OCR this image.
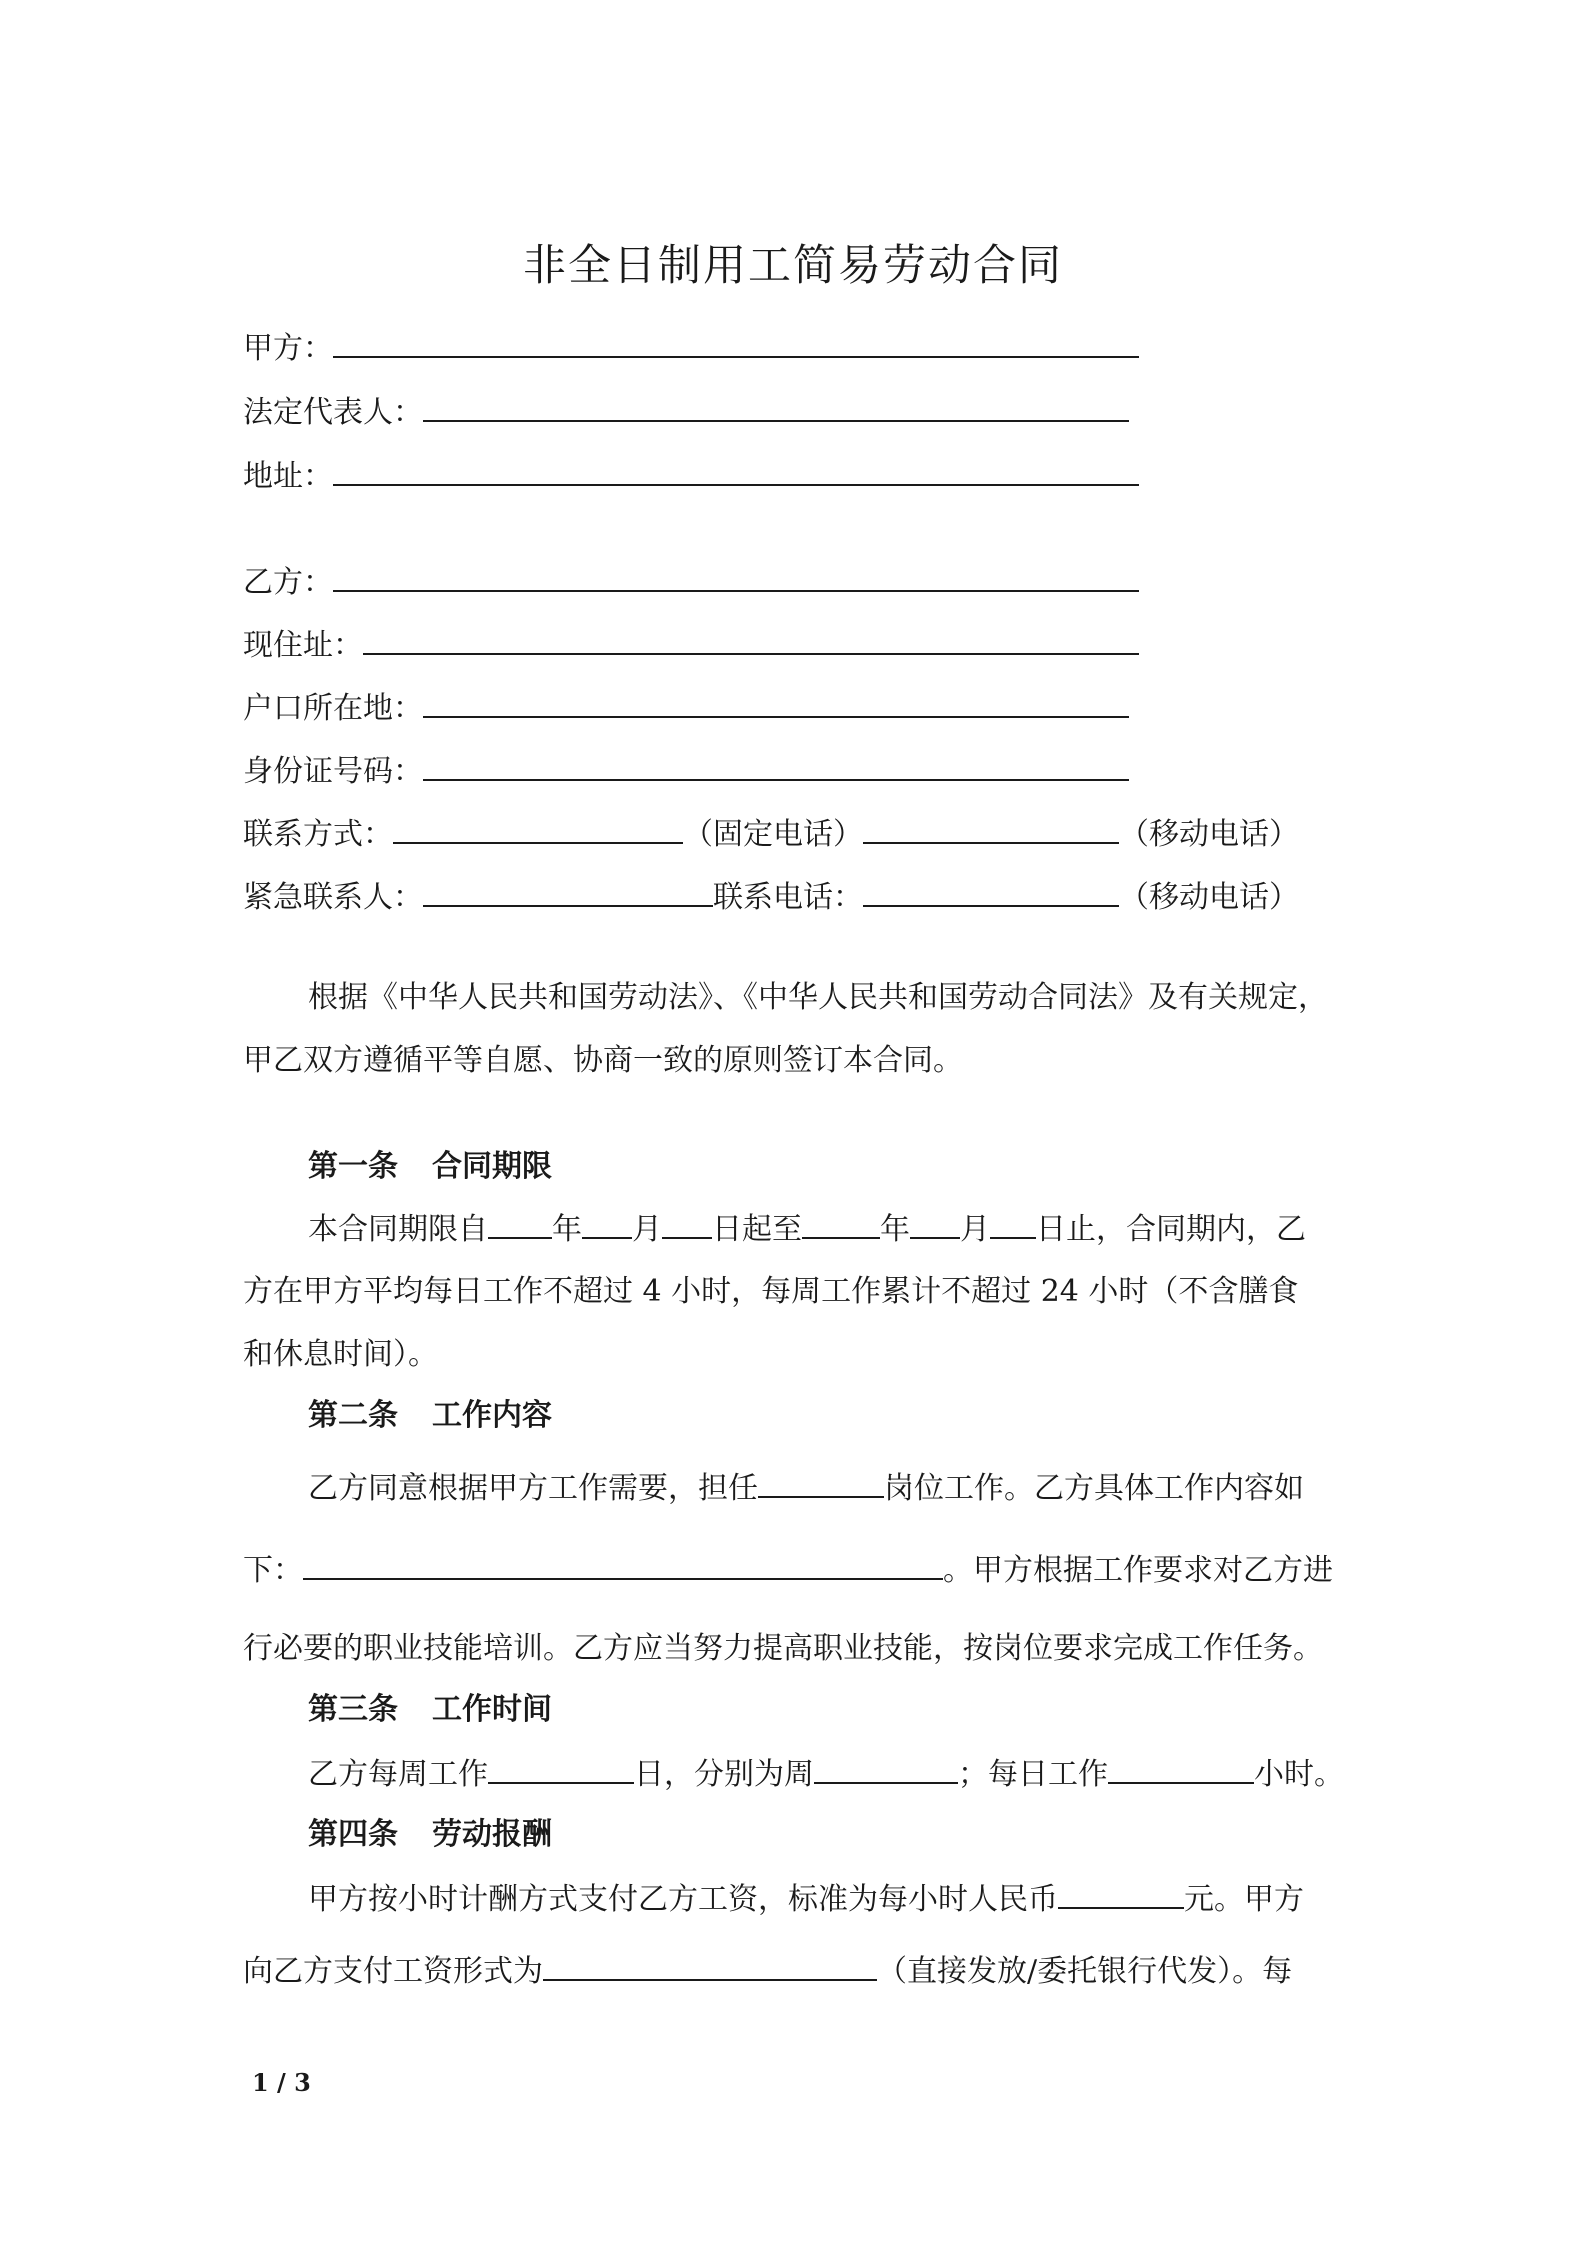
非全日制用工简易劳动合同
甲方：
法定代表人：
地址：
乙方：
现住址：
户口所在地：
身份证号码：
联系方式：	（固定电话）	（移动电话）
紧急联系人：	联系电话：	（移动电话）
根据《中华人民共和国劳动法》、《中华人民共和国劳动合同法》及有关规定，
甲乙双方遵循平等自愿、协商一致的原则签订本合同。
第一条 合同期限
本合同期限自 年 月 日起至	年 月 日止，合同期内，乙
方在甲方平均每日工作不超过 4 小时，每周工作累计不超过 24 小时（不含膳食
和休息时间）。
第二条 工作内容
乙方同意根据甲方工作需要，担任	岗位工作。乙方具体工作内容如
下：	。甲方根据工作要求对乙方进
行必要的职业技能培训。乙方应当努力提高职业技能，按岗位要求完成工作任务。
第三条 工作时间
乙方每周工作	日，分别为周	；每日工作	小时。
第四条 劳动报酬
甲方按小时计酬方式支付乙方工资，标准为每小时人民币	元。甲方
向乙方支付工资形式为	（直接发放/委托银行代发）。每
1 / 3
